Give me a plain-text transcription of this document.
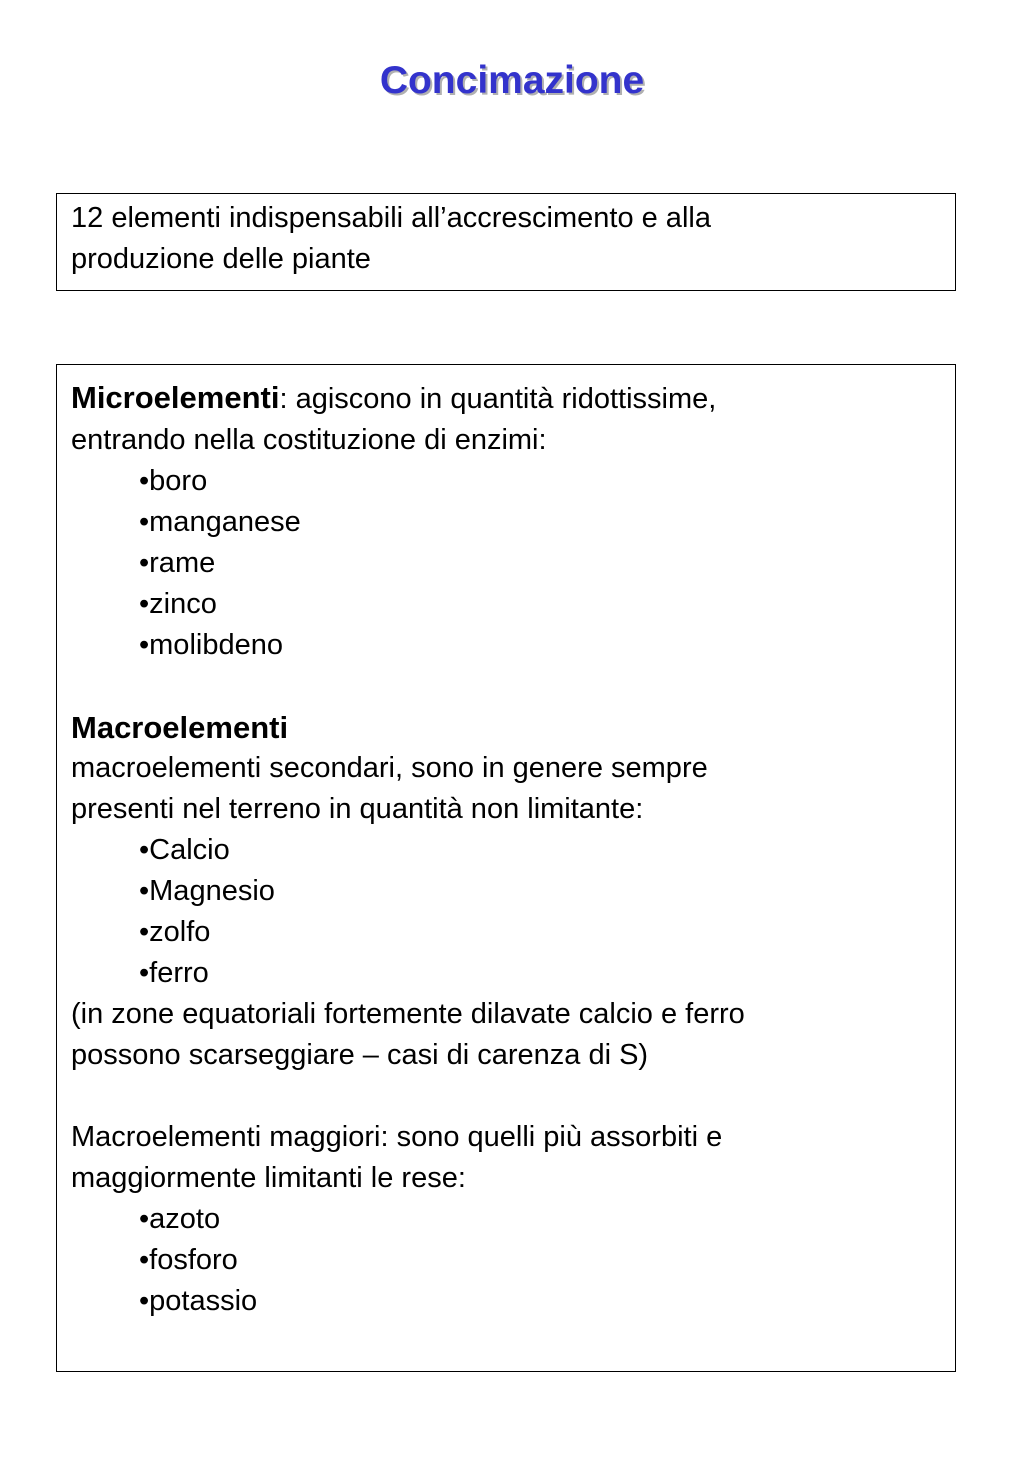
Concimazione
12 elementi indispensabili all’accrescimento e alla
produzione delle piante
Microelementi: agiscono in quantità ridottissime,
entrando nella costituzione di enzimi:
•boro
•manganese
•rame
•zinco
•molibdeno
Macroelementi
macroelementi secondari, sono in genere sempre
presenti nel terreno in quantità non limitante:
•Calcio
•Magnesio
•zolfo
•ferro
(in zone equatoriali fortemente dilavate calcio e ferro
possono scarseggiare – casi di carenza di S)
Macroelementi maggiori: sono quelli più assorbiti e
maggiormente limitanti le rese:
•azoto
•fosforo
•potassio
